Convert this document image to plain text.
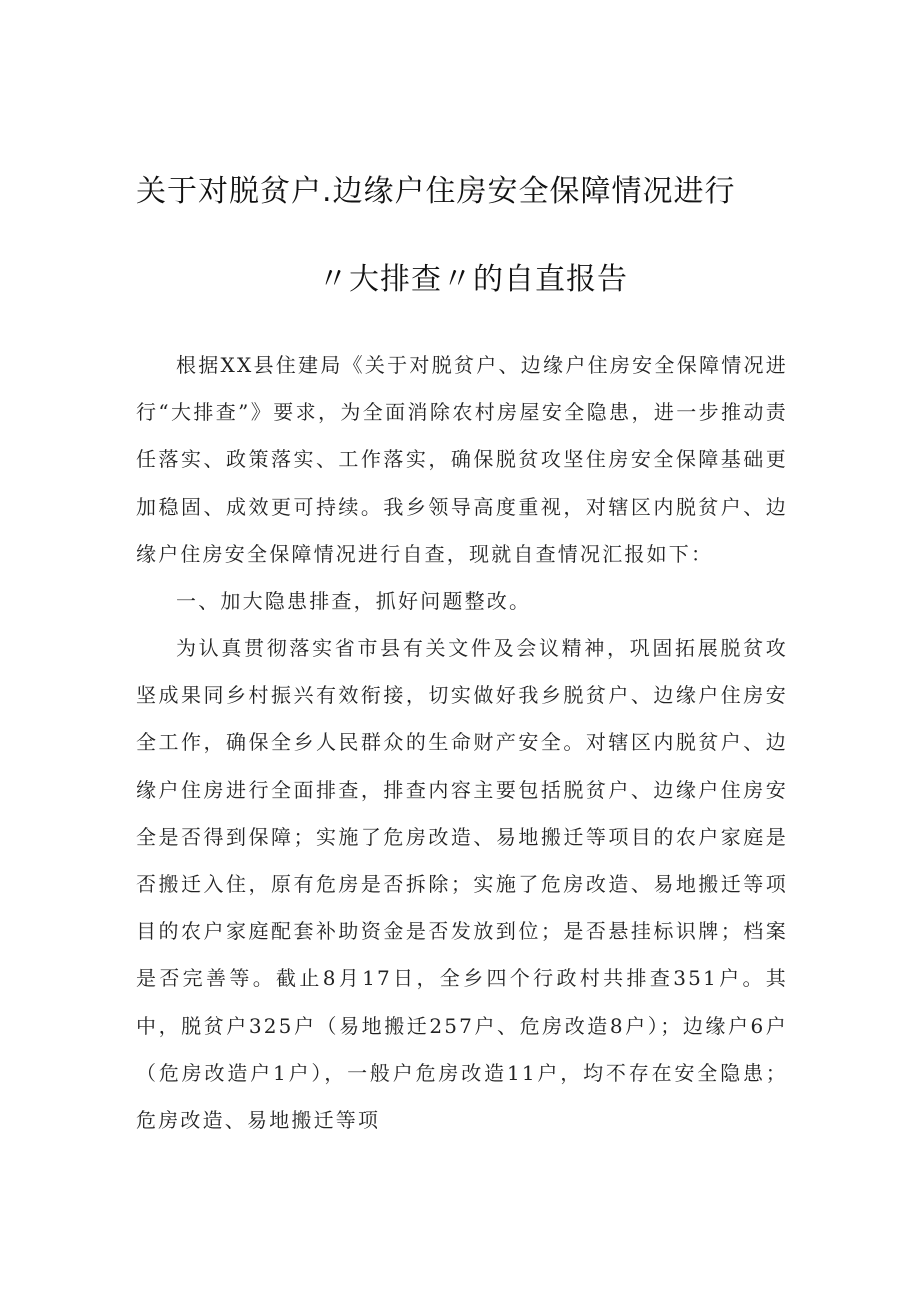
关于对脱贫户.边缘户住房安全保障情况进行
〃大排查〃的自直报告

根据XX县住建局《关于对脱贫户、边缘户住房安全保障情况进行“大排查”》要求，为全面消除农村房屋安全隐患，进一步推动责任落实、政策落实、工作落实，确保脱贫攻坚住房安全保障基础更加稳固、成效更可持续。我乡领导高度重视，对辖区内脱贫户、边缘户住房安全保障情况进行自查，现就自查情况汇报如下：

一、加大隐患排查，抓好问题整改。

为认真贯彻落实省市县有关文件及会议精神，巩固拓展脱贫攻坚成果同乡村振兴有效衔接，切实做好我乡脱贫户、边缘户住房安全工作，确保全乡人民群众的生命财产安全。对辖区内脱贫户、边缘户住房进行全面排查，排查内容主要包括脱贫户、边缘户住房安全是否得到保障；实施了危房改造、易地搬迁等项目的农户家庭是否搬迁入住，原有危房是否拆除；实施了危房改造、易地搬迁等项目的农户家庭配套补助资金是否发放到位；是否悬挂标识牌；档案是否完善等。截止8月17日，全乡四个行政村共排查351户。其中，脱贫户325户（易地搬迁257户、危房改造8户）；边缘户6户（危房改造户1户），一般户危房改造11户，均不存在安全隐患；危房改造、易地搬迁等项
